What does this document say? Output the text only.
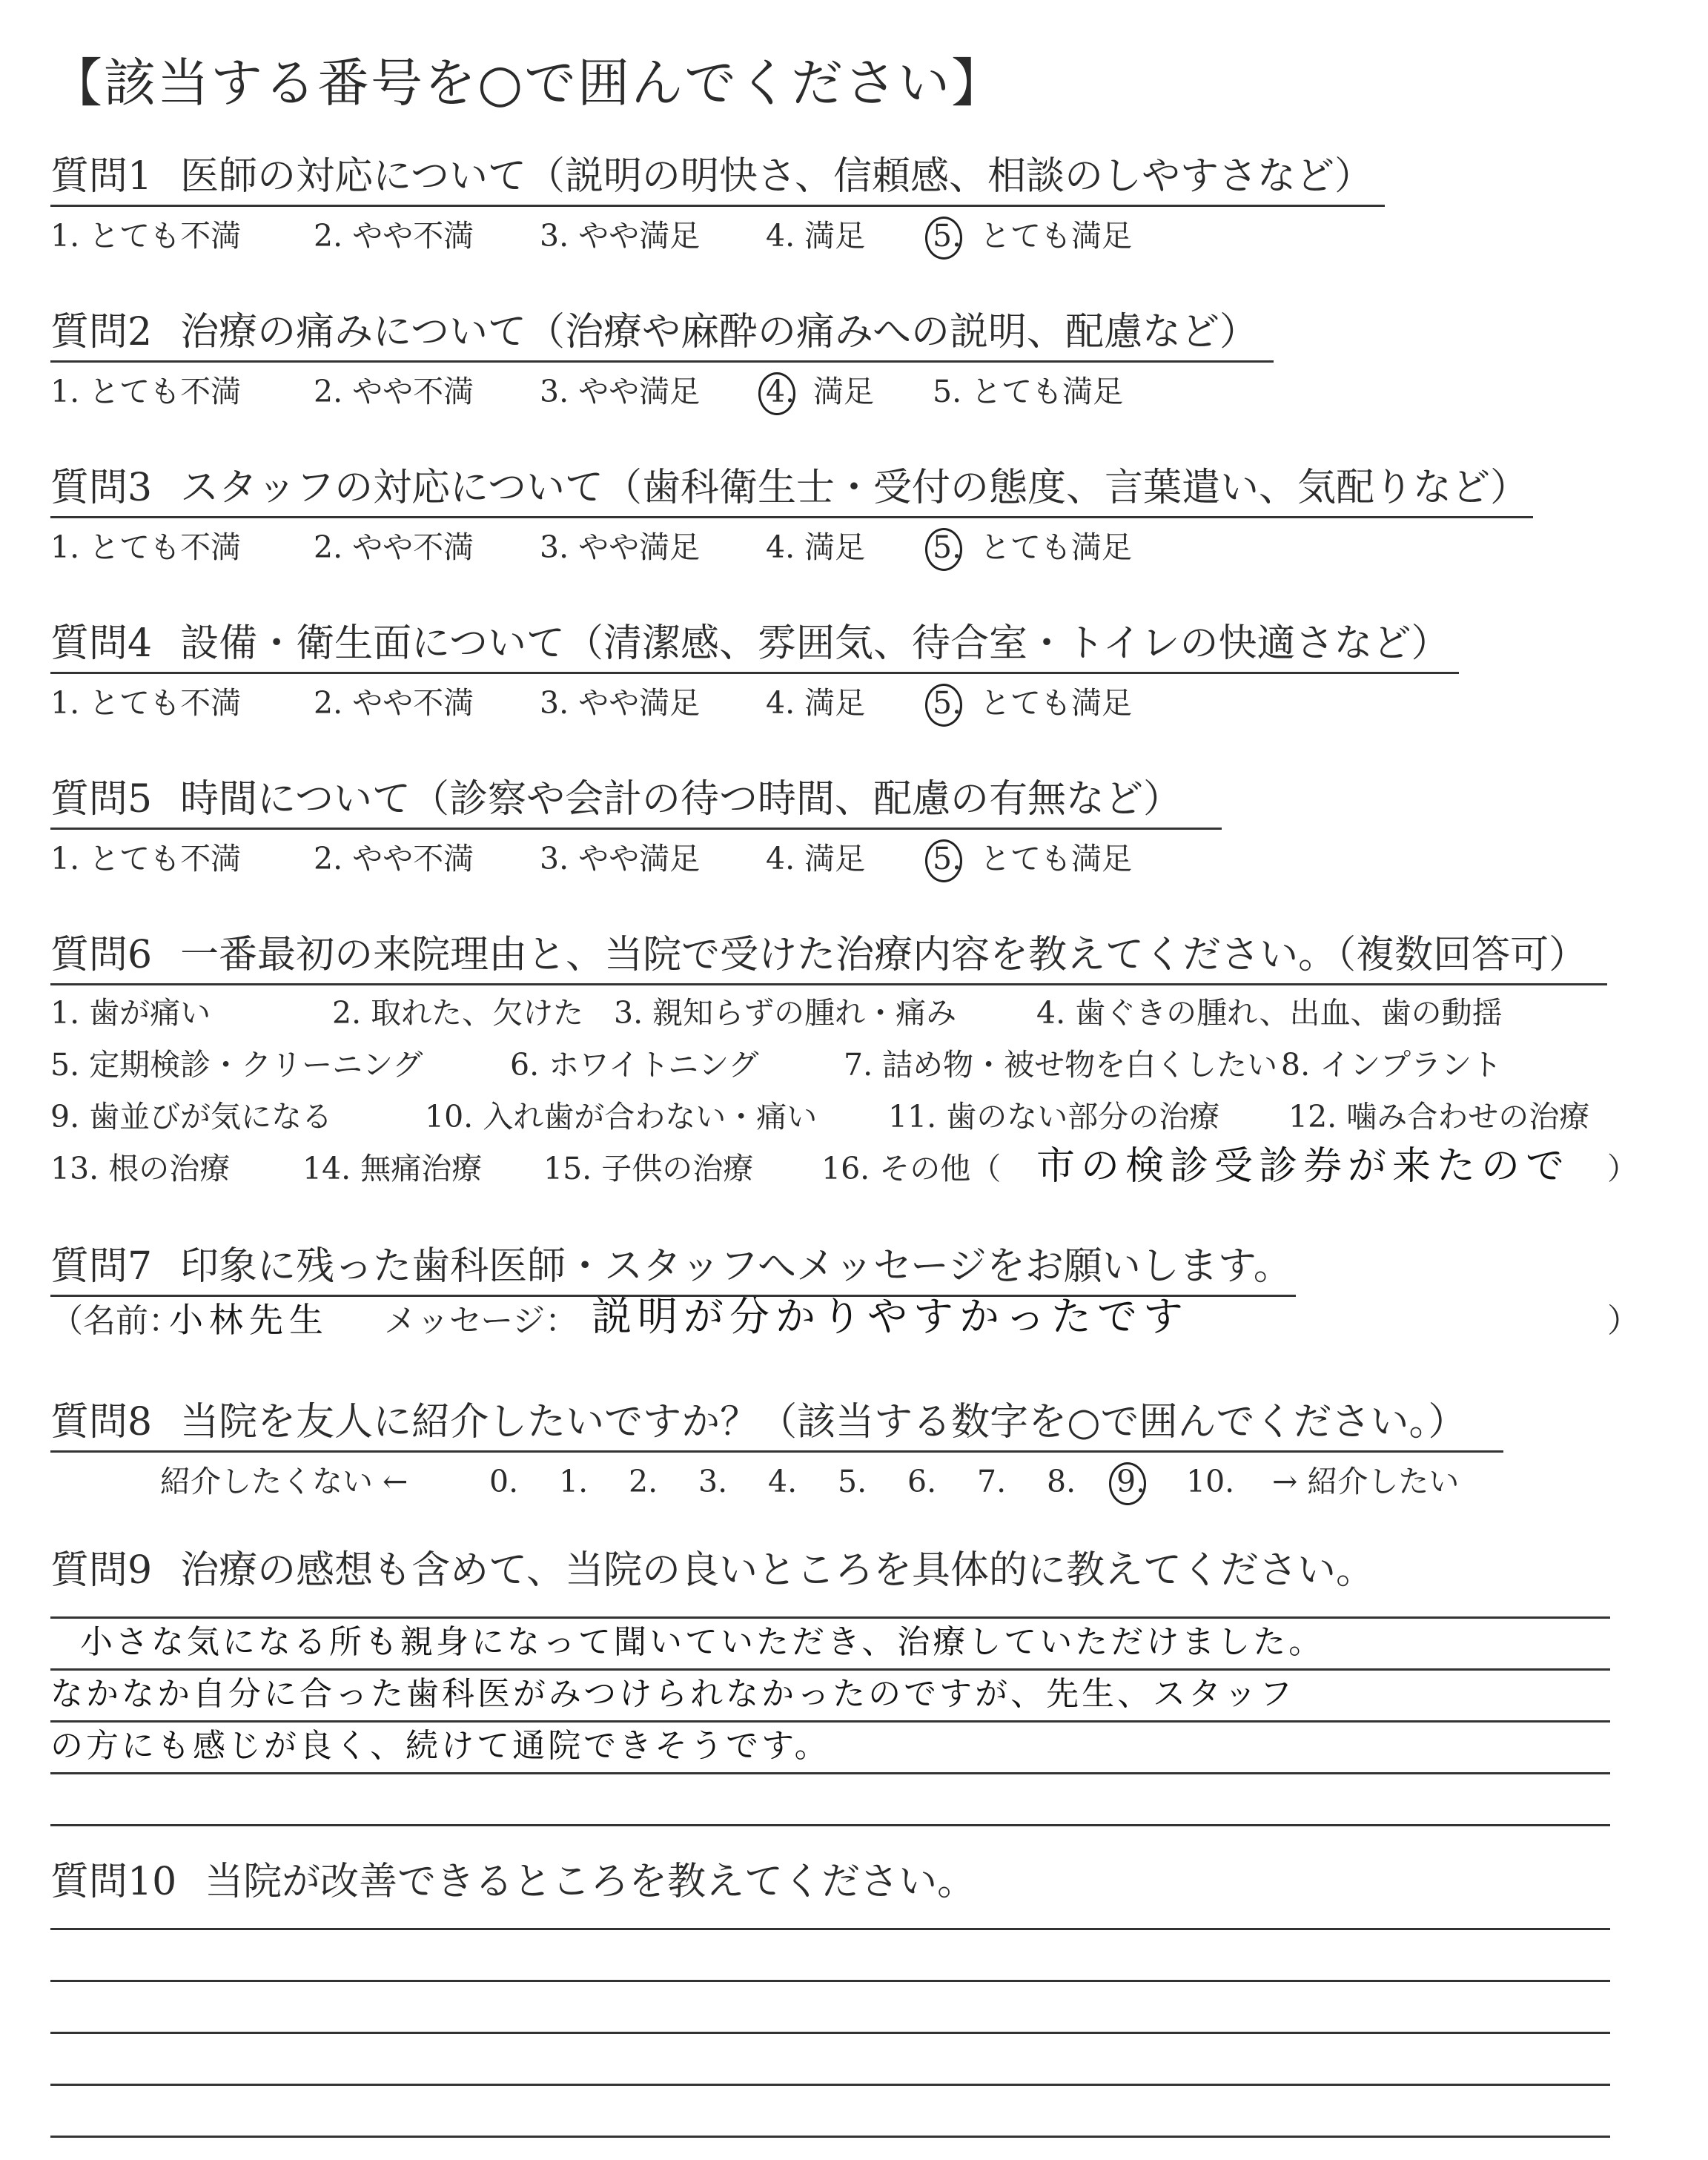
【該当する番号を○で囲んでください】
質問1 医師の対応について（説明の明快さ、信頼感、相談のしやすさなど）
1. とても不満 2. やや不満 3. やや満足 4. 満足 5. とても満足
質問2 治療の痛みについて（治療や麻酔の痛みへの説明、配慮など）
1. とても不満 2. やや不満 3. やや満足 4. 満足 5. とても満足
質問3 スタッフの対応について（歯科衛生士・受付の態度、言葉遣い、気配りなど）
1. とても不満 2. やや不満 3. やや満足 4. 満足 5. とても満足
質問4 設備・衛生面について（清潔感、雰囲気、待合室・トイレの快適さなど）
1. とても不満 2. やや不満 3. やや満足 4. 満足 5. とても満足
質問5 時間について（診察や会計の待つ時間、配慮の有無など）
1. とても不満 2. やや不満 3. やや満足 4. 満足 5. とても満足
質問6 一番最初の来院理由と、当院で受けた治療内容を教えてください。（複数回答可）
1. 歯が痛い	2. 取れた、欠けた 3. 親知らずの腫れ・痛み	4. 歯ぐきの腫れ、出血、歯の動揺
5. 定期検診・クリーニング	6. ホワイトニング	7. 詰め物・被せ物を白くしたい 8. インプラント
9. 歯並びが気になる	10. 入れ歯が合わない・痛い 11. 歯のない部分の治療 12. 噛み合わせの治療
13. 根の治療 14. 無痛治療 15. 子供の治療 16. その他（ 市の検診受診券が来たので ）
質問7 印象に残った歯科医師・スタッフへメッセージをお願いします。
（名前：
小林先生 メッセージ： 説明が分かりやすかったです	）
質問8 当院を友人に紹介したいですか？（該当する数字を○で囲んでください。）
紹介したくない ←	0. 1. 2. 3. 4. 5. 6. 7. 8. 9.	10. → 紹介したい
質問9 治療の感想も含めて、当院の良いところを具体的に教えてください。
小さな気になる所も親身になって聞いていただき、治療していただけました。
なかなか自分に合った歯科医がみつけられなかったのですが、先生、スタッフ
の方にも感じが良く、続けて通院できそうです。
質問10 当院が改善できるところを教えてください。
